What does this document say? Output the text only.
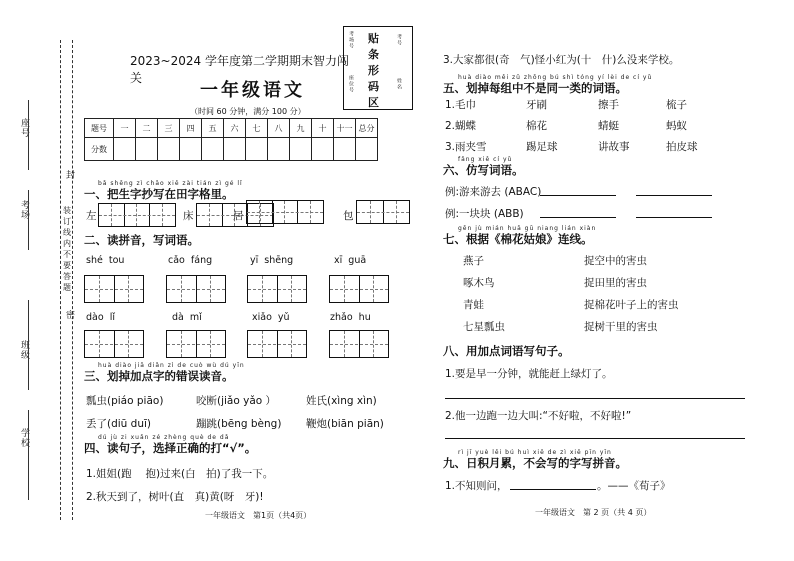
座号
考场
班级
学校
封
装
订
线
内
不
要
答
题
密
2023~2024 学年度第二学期期末智力闯关
一年级语文
（时间 60 分钟，满分 100 分）
考场号
座位号
贴
条
形
码
区
考号
姓名
题号	一	二	三	四	五	六	七	八	九	十	十一	总分
分数												
bǎ shēng zì chāo xiě zài tián zì gé lǐ
一、把生字抄写在田字格里。
左	床	居	包
二、读拼音，写词语。
shé  tou	cǎo  fáng	yī  shēng	xī  guā
dào  lǐ	dà  mǐ	xiǎo  yǔ	zhǎo  hu
huà diào jiā diǎn zì de cuò wù dú yīn
三、划掉加点字的错误读音。
瓢虫(piáo piāo)	咬断(jiǎo yǎo ）	姓氏(xìng xìn)
丢了(diū duī)	蹦跳(bēng bèng) 鞭炮(biān piān)
dú jù zi xuǎn zé zhèng què de dǎ
四、读句子，选择正确的打“√”。
1.姐姐(跑　 抱)过来(白　拍)了我一下。
2.秋天到了，树叶(直　真)黄(呀　牙)!
一年级语文　第1页（共4页）
3.大家都很(奇　气)怪小红为(十　什)么没来学校。
huà diào měi zǔ zhōng bú shì tóng yí lèi de cí yǔ
五、划掉每组中不是同一类的词语。
1.毛巾	牙刷	擦手	梳子
2.蝴蝶	棉花	蜻蜓	蚂蚁
3.雨夹雪	踢足球	讲故事	拍皮球
fǎng xiě cí yǔ
六、仿写词语。
例:游来游去 (ABAC)
例:一块块 (ABB)
gēn jù mián huā gū niang lián xiàn
七、根据《棉花姑娘》连线。
燕子
啄木鸟
青蛙
七星瓢虫
捉空中的害虫
捉田里的害虫
捉棉花叶子上的害虫
捉树干里的害虫
八、用加点词语写句子。
1.要是早一分钟，就能赶上绿灯了。
2.他一边跑一边大叫:“不好啦，不好啦!”
rì jī yuè lěi bú huì xiě de zì xiě pīn yīn
九、日积月累，不会写的字写拼音。
1.不知则问，	。——《荀子》
一年级语文　第 2 页（共 4 页）
